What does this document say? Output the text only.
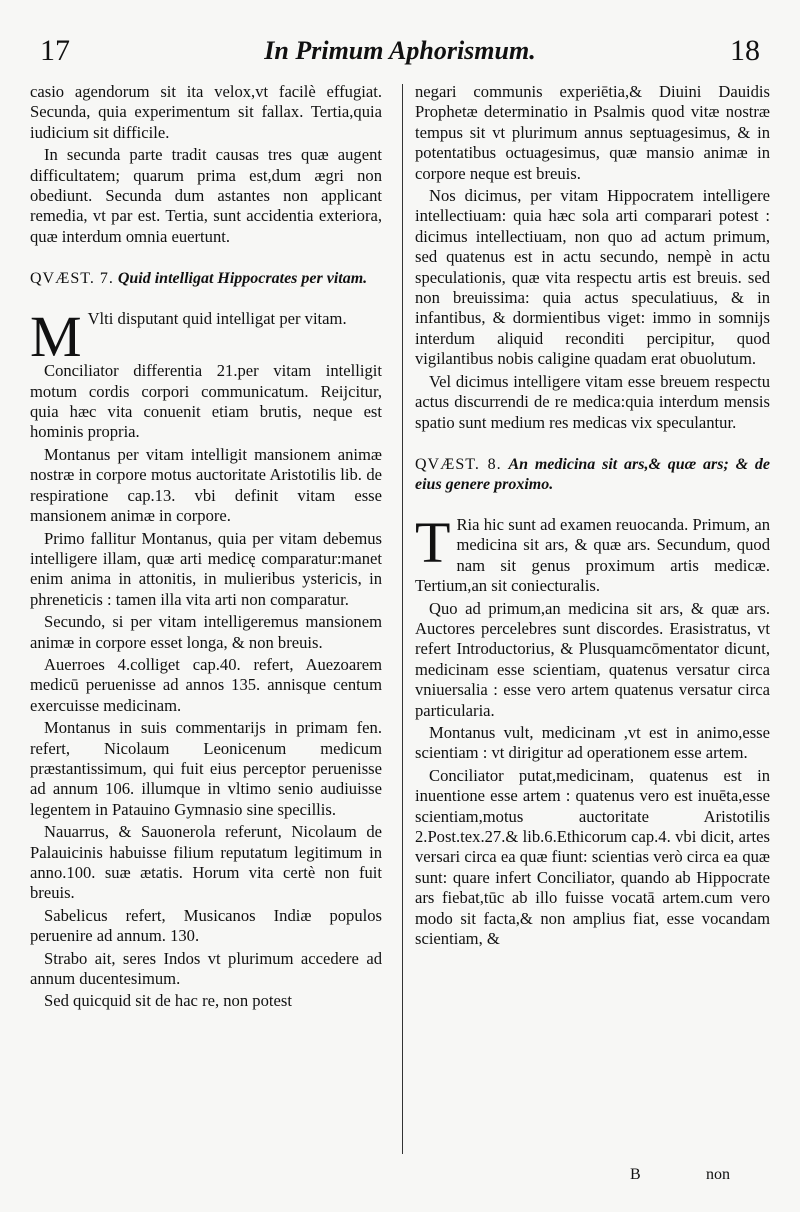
17	In Primum Aphorismum.	18

casio agendorum sit ita velox,vt facilè effugiat. Secunda, quia experimentum sit fallax. Tertia,quia iudicium sit difficile.

In secunda parte tradit causas tres quæ augent difficultatem; quarum prima est,dum ægri non obediunt. Secunda dum astantes non applicant remedia, vt par est. Tertia, sunt accidentia exteriora, quæ interdum omnia euertunt.

QVÆST. 7. Quid intelligat Hippocrates per vitam.

M Vlti disputant quid intelligat per vitam.

Conciliator differentia 21.per vitam intelligit motum cordis corpori communicatum. Reijcitur, quia hæc vita conuenit etiam brutis, neque est hominis propria.

Montanus per vitam intelligit mansionem animæ nostræ in corpore motus auctoritate Aristotilis lib. de respiratione cap.13. vbi definit vitam esse mansionem animæ in corpore.

Primo fallitur Montanus, quia per vitam debemus intelligere illam, quæ arti medicę comparatur:manet enim anima in attonitis, in mulieribus ystericis, in phreneticis : tamen illa vita arti non comparatur.

Secundo, si per vitam intelligeremus mansionem animæ in corpore esset longa, & non breuis.

Auerroes 4.colliget cap.40. refert, Auezoarem medicū peruenisse ad annos 135. annisque centum exercuisse medicinam.

Montanus in suis commentarijs in primam fen. refert, Nicolaum Leonicenum medicum præstantissimum, qui fuit eius perceptor peruenisse ad annum 106. illumque in vltimo senio audiuisse legentem in Patauino Gymnasio sine specillis.

Nauarrus, & Sauonerola referunt, Nicolaum de Palauicinis habuisse filium reputatum legitimum in anno.100. suæ ætatis. Horum vita certè non fuit breuis.

Sabelicus refert, Musicanos Indiæ populos peruenire ad annum. 130.

Strabo ait, seres Indos vt plurimum accedere ad annum ducentesimum.

Sed quicquid sit de hac re, non potest

negari communis experiētia,& Diuini Dauidis Prophetæ determinatio in Psalmis quod vitæ nostræ tempus sit vt plurimum annus septuagesimus, & in potentatibus octuagesimus, quæ mansio animæ in corpore neque est breuis.

Nos dicimus, per vitam Hippocratem intelligere intellectiuam: quia hæc sola arti comparari potest : dicimus intellectiuam, non quo ad actum primum, sed quatenus est in actu secundo, nempè in actu speculationis, quæ vita respectu artis est breuis. sed non breuissima: quia actus speculatiuus, & in infantibus, & dormientibus viget: immo in somnijs interdum aliquid reconditi percipitur, quod vigilantibus nobis caligine quadam erat obuolutum.

Vel dicimus intelligere vitam esse breuem respectu actus discurrendi de re medica:quia interdum mensis spatio sunt medium res medicas vix speculantur.

QVÆST. 8. An medicina sit ars,& quæ ars; & de eius genere proximo.

T Ria hic sunt ad examen reuocanda. Primum, an medicina sit ars, & quæ ars. Secundum, quod nam sit genus proximum artis medicæ. Tertium,an sit coniecturalis.

Quo ad primum,an medicina sit ars, & quæ ars. Auctores percelebres sunt discordes. Erasistratus, vt refert Introductorius, & Plusquamcōmentator dicunt, medicinam esse scientiam, quatenus versatur circa vniuersalia : esse vero artem quatenus versatur circa particularia.

Montanus vult, medicinam ,vt est in animo,esse scientiam : vt dirigitur ad operationem esse artem.

Conciliator putat,medicinam, quatenus est in inuentione esse artem : quatenus vero est inuēta,esse scientiam,motus auctoritate Aristotilis 2.Post.tex.27.& lib.6.Ethicorum cap.4. vbi dicit, artes versari circa ea quæ fiunt: scientias verò circa ea quæ sunt: quare infert Conciliator, quando ab Hippocrate ars fiebat,tūc ab illo fuisse vocatā artem.cum vero modo sit facta,& non amplius fiat, esse vocandam scientiam, &

B	non
